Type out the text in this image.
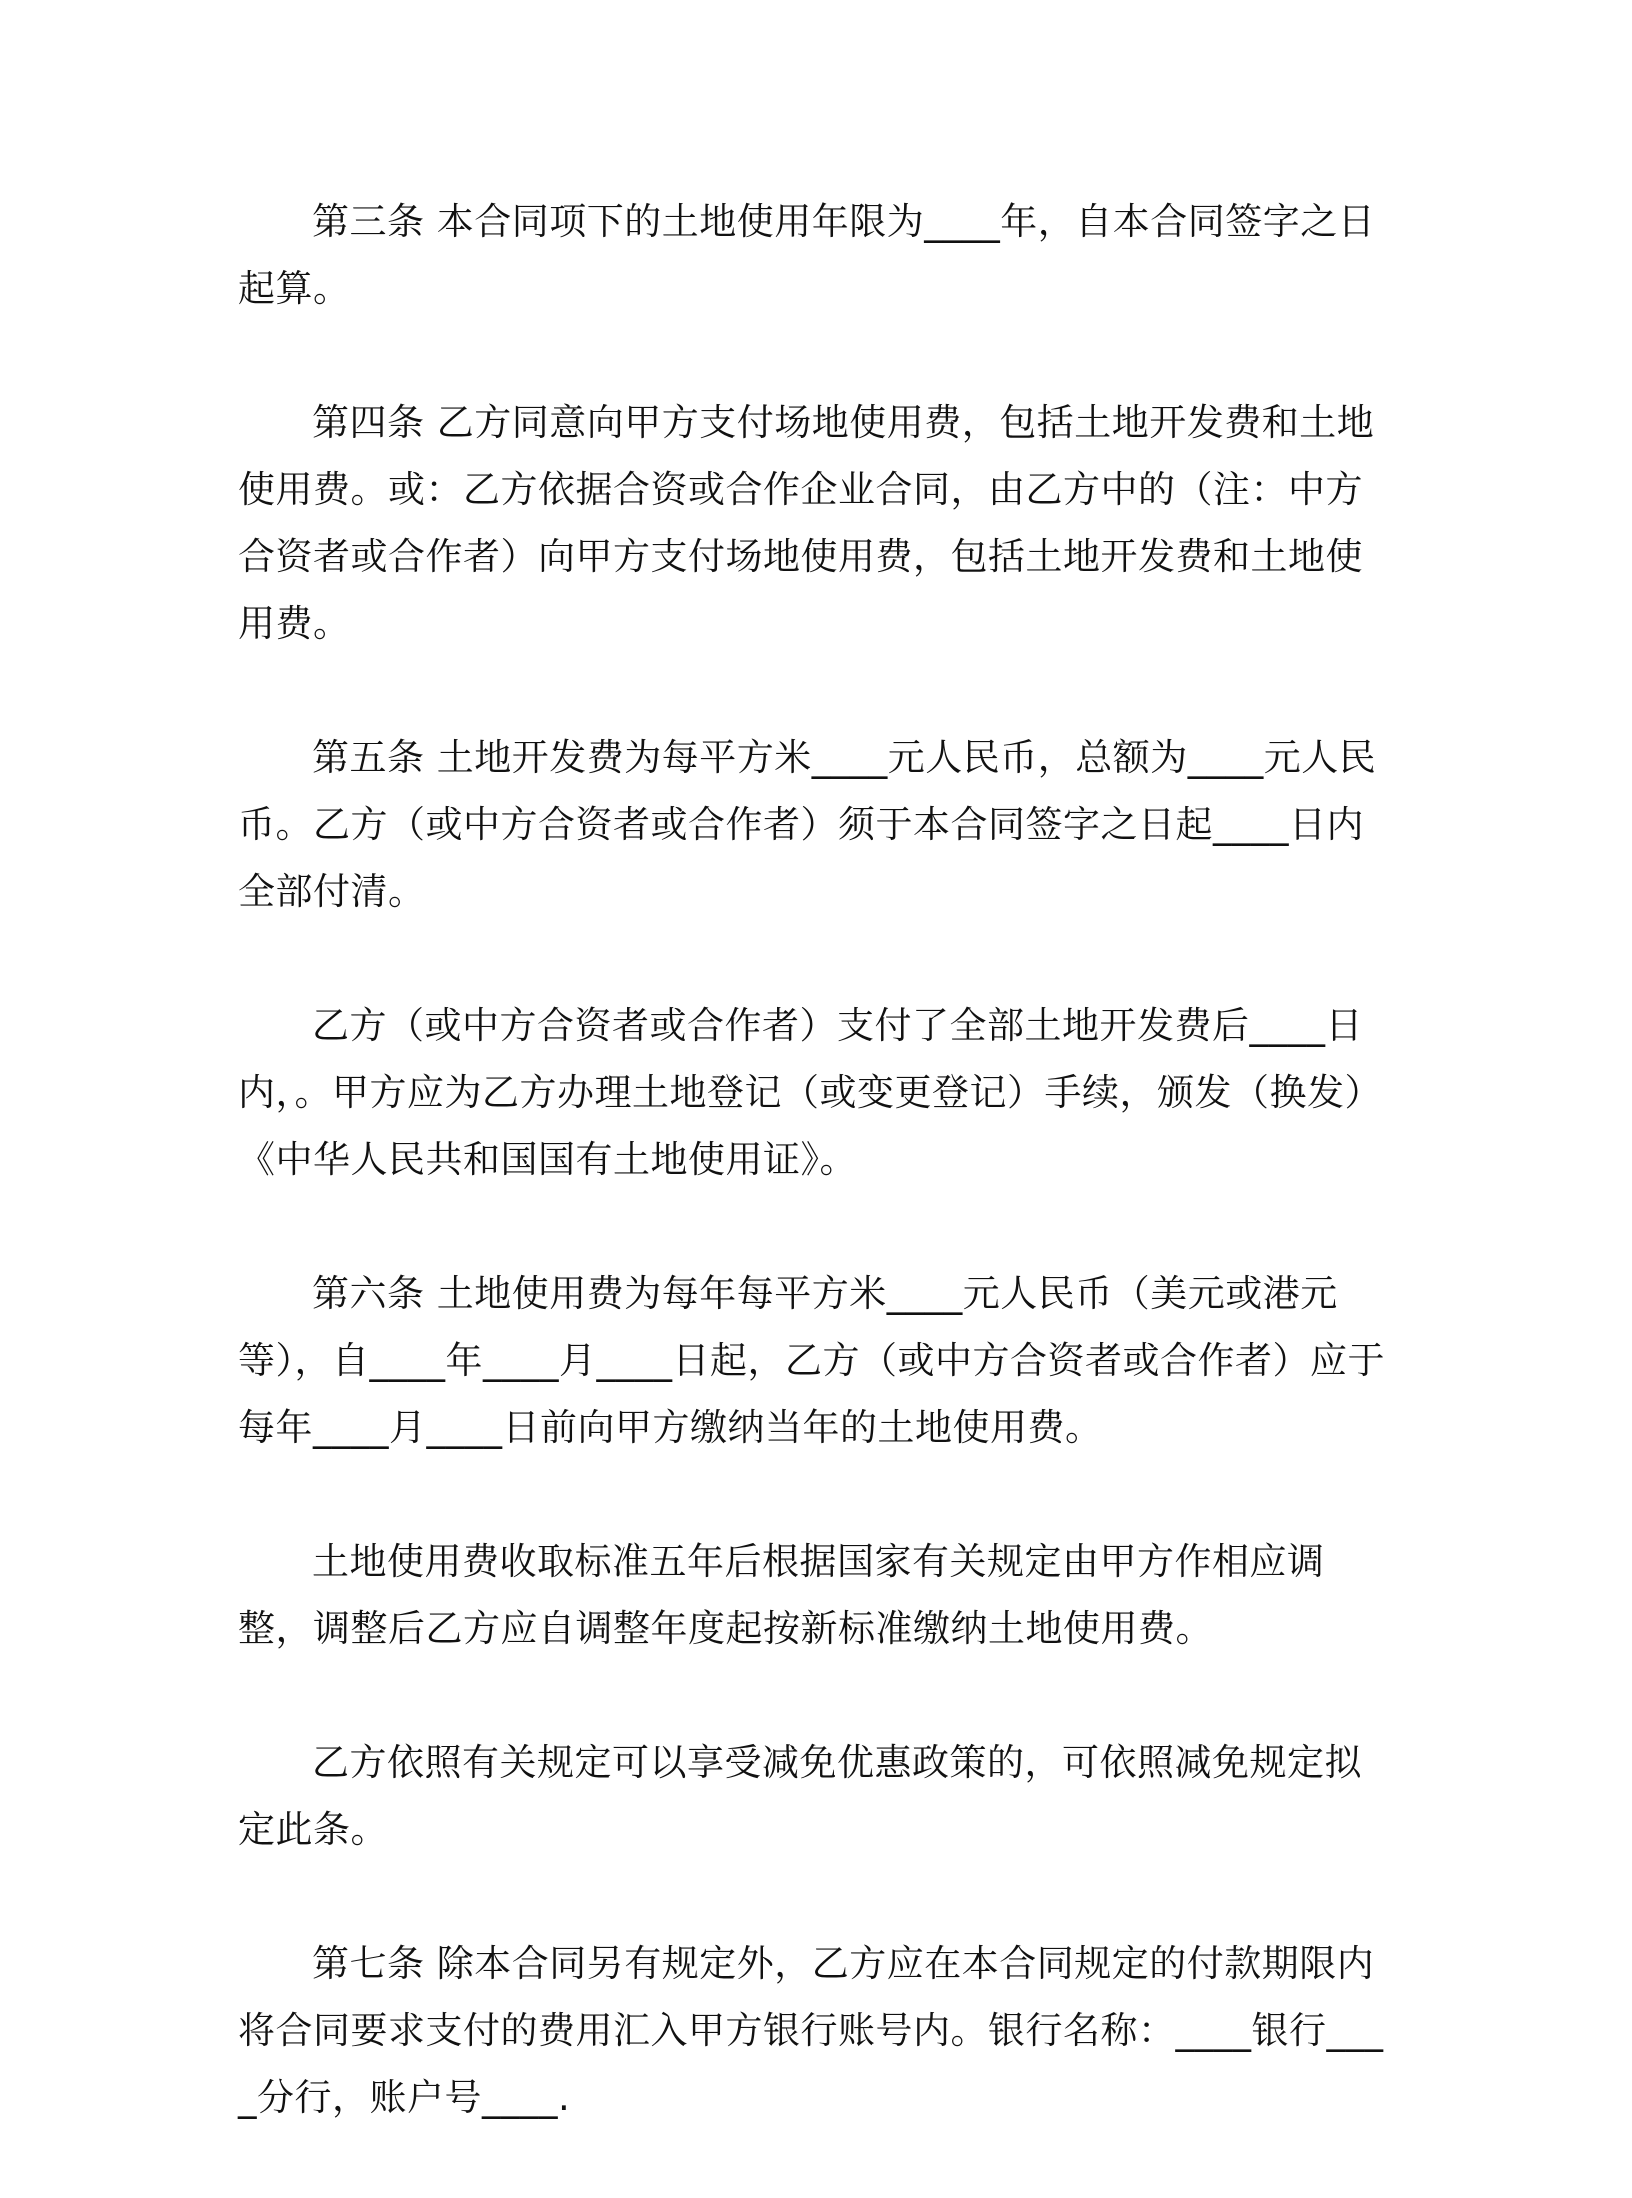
第三条 本合同项下的土地使用年限为____年，自本合同签字之日起算。

第四条 乙方同意向甲方支付场地使用费，包括土地开发费和土地使用费。或：乙方依据合资或合作企业合同，由乙方中的（注：中方合资者或合作者）向甲方支付场地使用费，包括土地开发费和土地使用费。

第五条 土地开发费为每平方米____元人民币，总额为____元人民币。乙方（或中方合资者或合作者）须于本合同签字之日起____日内全部付清。

乙方（或中方合资者或合作者）支付了全部土地开发费后____日内，。甲方应为乙方办理土地登记（或变更登记）手续，颁发（换发）《中华人民共和国国有土地使用证》。

第六条 土地使用费为每年每平方米____元人民币（美元或港元等），自____年____月____日起，乙方（或中方合资者或合作者）应于每年____月____日前向甲方缴纳当年的土地使用费。

土地使用费收取标准五年后根据国家有关规定由甲方作相应调整，调整后乙方应自调整年度起按新标准缴纳土地使用费。

乙方依照有关规定可以享受减免优惠政策的，可依照减免规定拟定此条。

第七条 除本合同另有规定外，乙方应在本合同规定的付款期限内将合同要求支付的费用汇入甲方银行账号内。银行名称：____银行____分行，账户号____.
